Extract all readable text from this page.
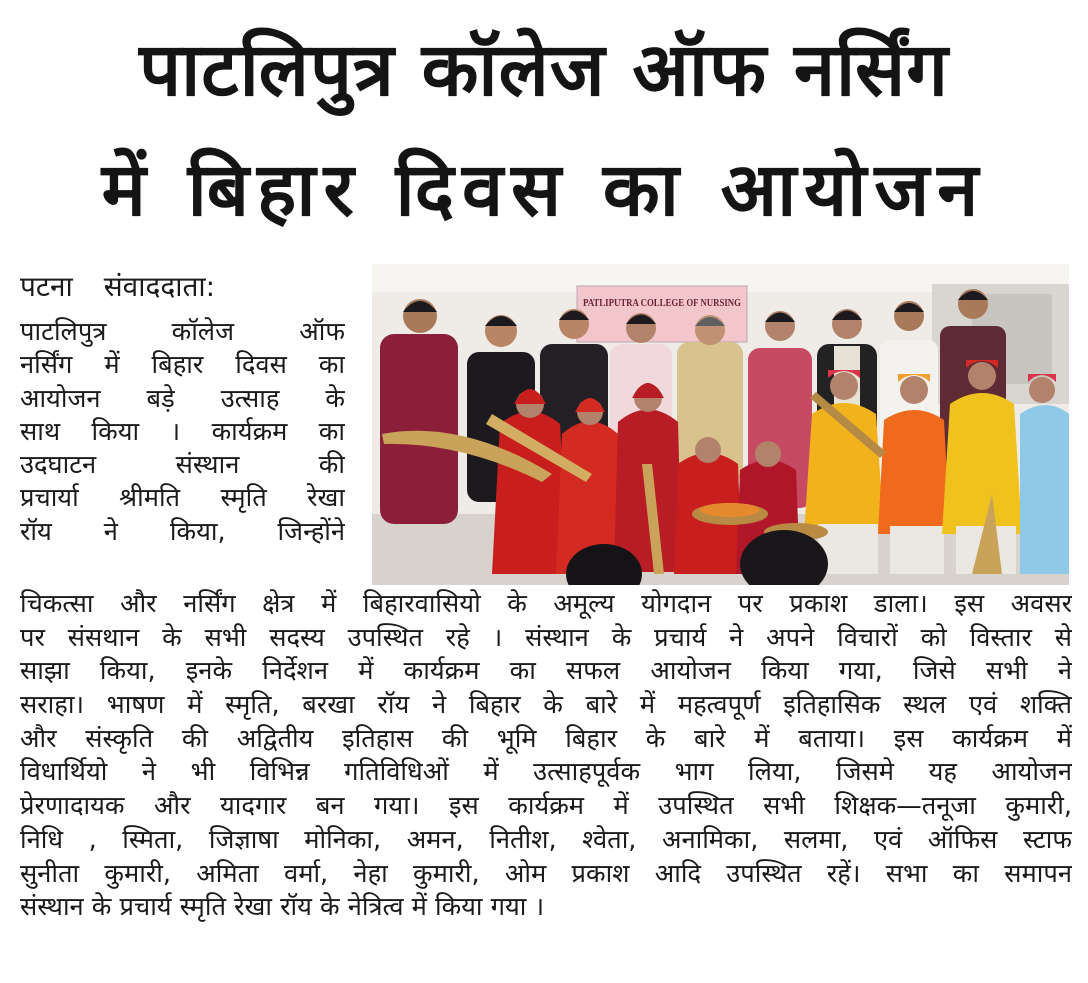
पाटलिपुत्र कॉलेज ऑफ नर्सिंग
में बिहार दिवस का आयोजन
पटना संवाददाता:
पाटलिपुत्र कॉलेज ऑफ
नर्सिंग में बिहार दिवस का
आयोजन बड़े उत्साह के
साथ किया । कार्यक्रम का
उदघाटन संस्थान की
प्रचार्या श्रीमति स्मृति रेखा
रॉय ने किया, जिन्होंने
PATLIPUTRA COLLEGE OF NURSING
चिकत्सा और नर्सिंग क्षेत्र में बिहारवासियो के अमूल्य योगदान पर प्रकाश डाला। इस अवसर
पर संसथान के सभी सदस्य उपस्थित रहे । संस्थान के प्रचार्य ने अपने विचारों को विस्तार से
साझा किया, इनके निर्देशन में कार्यक्रम का सफल आयोजन किया गया, जिसे सभी ने
सराहा। भाषण में स्मृति, बरखा रॉय ने बिहार के बारे में महत्वपूर्ण इतिहासिक स्थल एवं शक्ति
और संस्कृति की अद्वितीय इतिहास की भूमि बिहार के बारे में बताया। इस कार्यक्रम में
विधार्थियो ने भी विभिन्न गतिविधिओं में उत्साहपूर्वक भाग लिया, जिसमे यह आयोजन
प्रेरणादायक और यादगार बन गया। इस कार्यक्रम में उपस्थित सभी शिक्षक—तनूजा कुमारी,
निधि , स्मिता, जिज्ञाषा मोनिका, अमन, नितीश, श्वेता, अनामिका, सलमा, एवं ऑफिस स्टाफ
सुनीता कुमारी, अमिता वर्मा, नेहा कुमारी, ओम प्रकाश आदि उपस्थित रहें। सभा का समापन
संस्थान के प्रचार्य स्मृति रेखा रॉय के नेत्रित्व में किया गया ।
